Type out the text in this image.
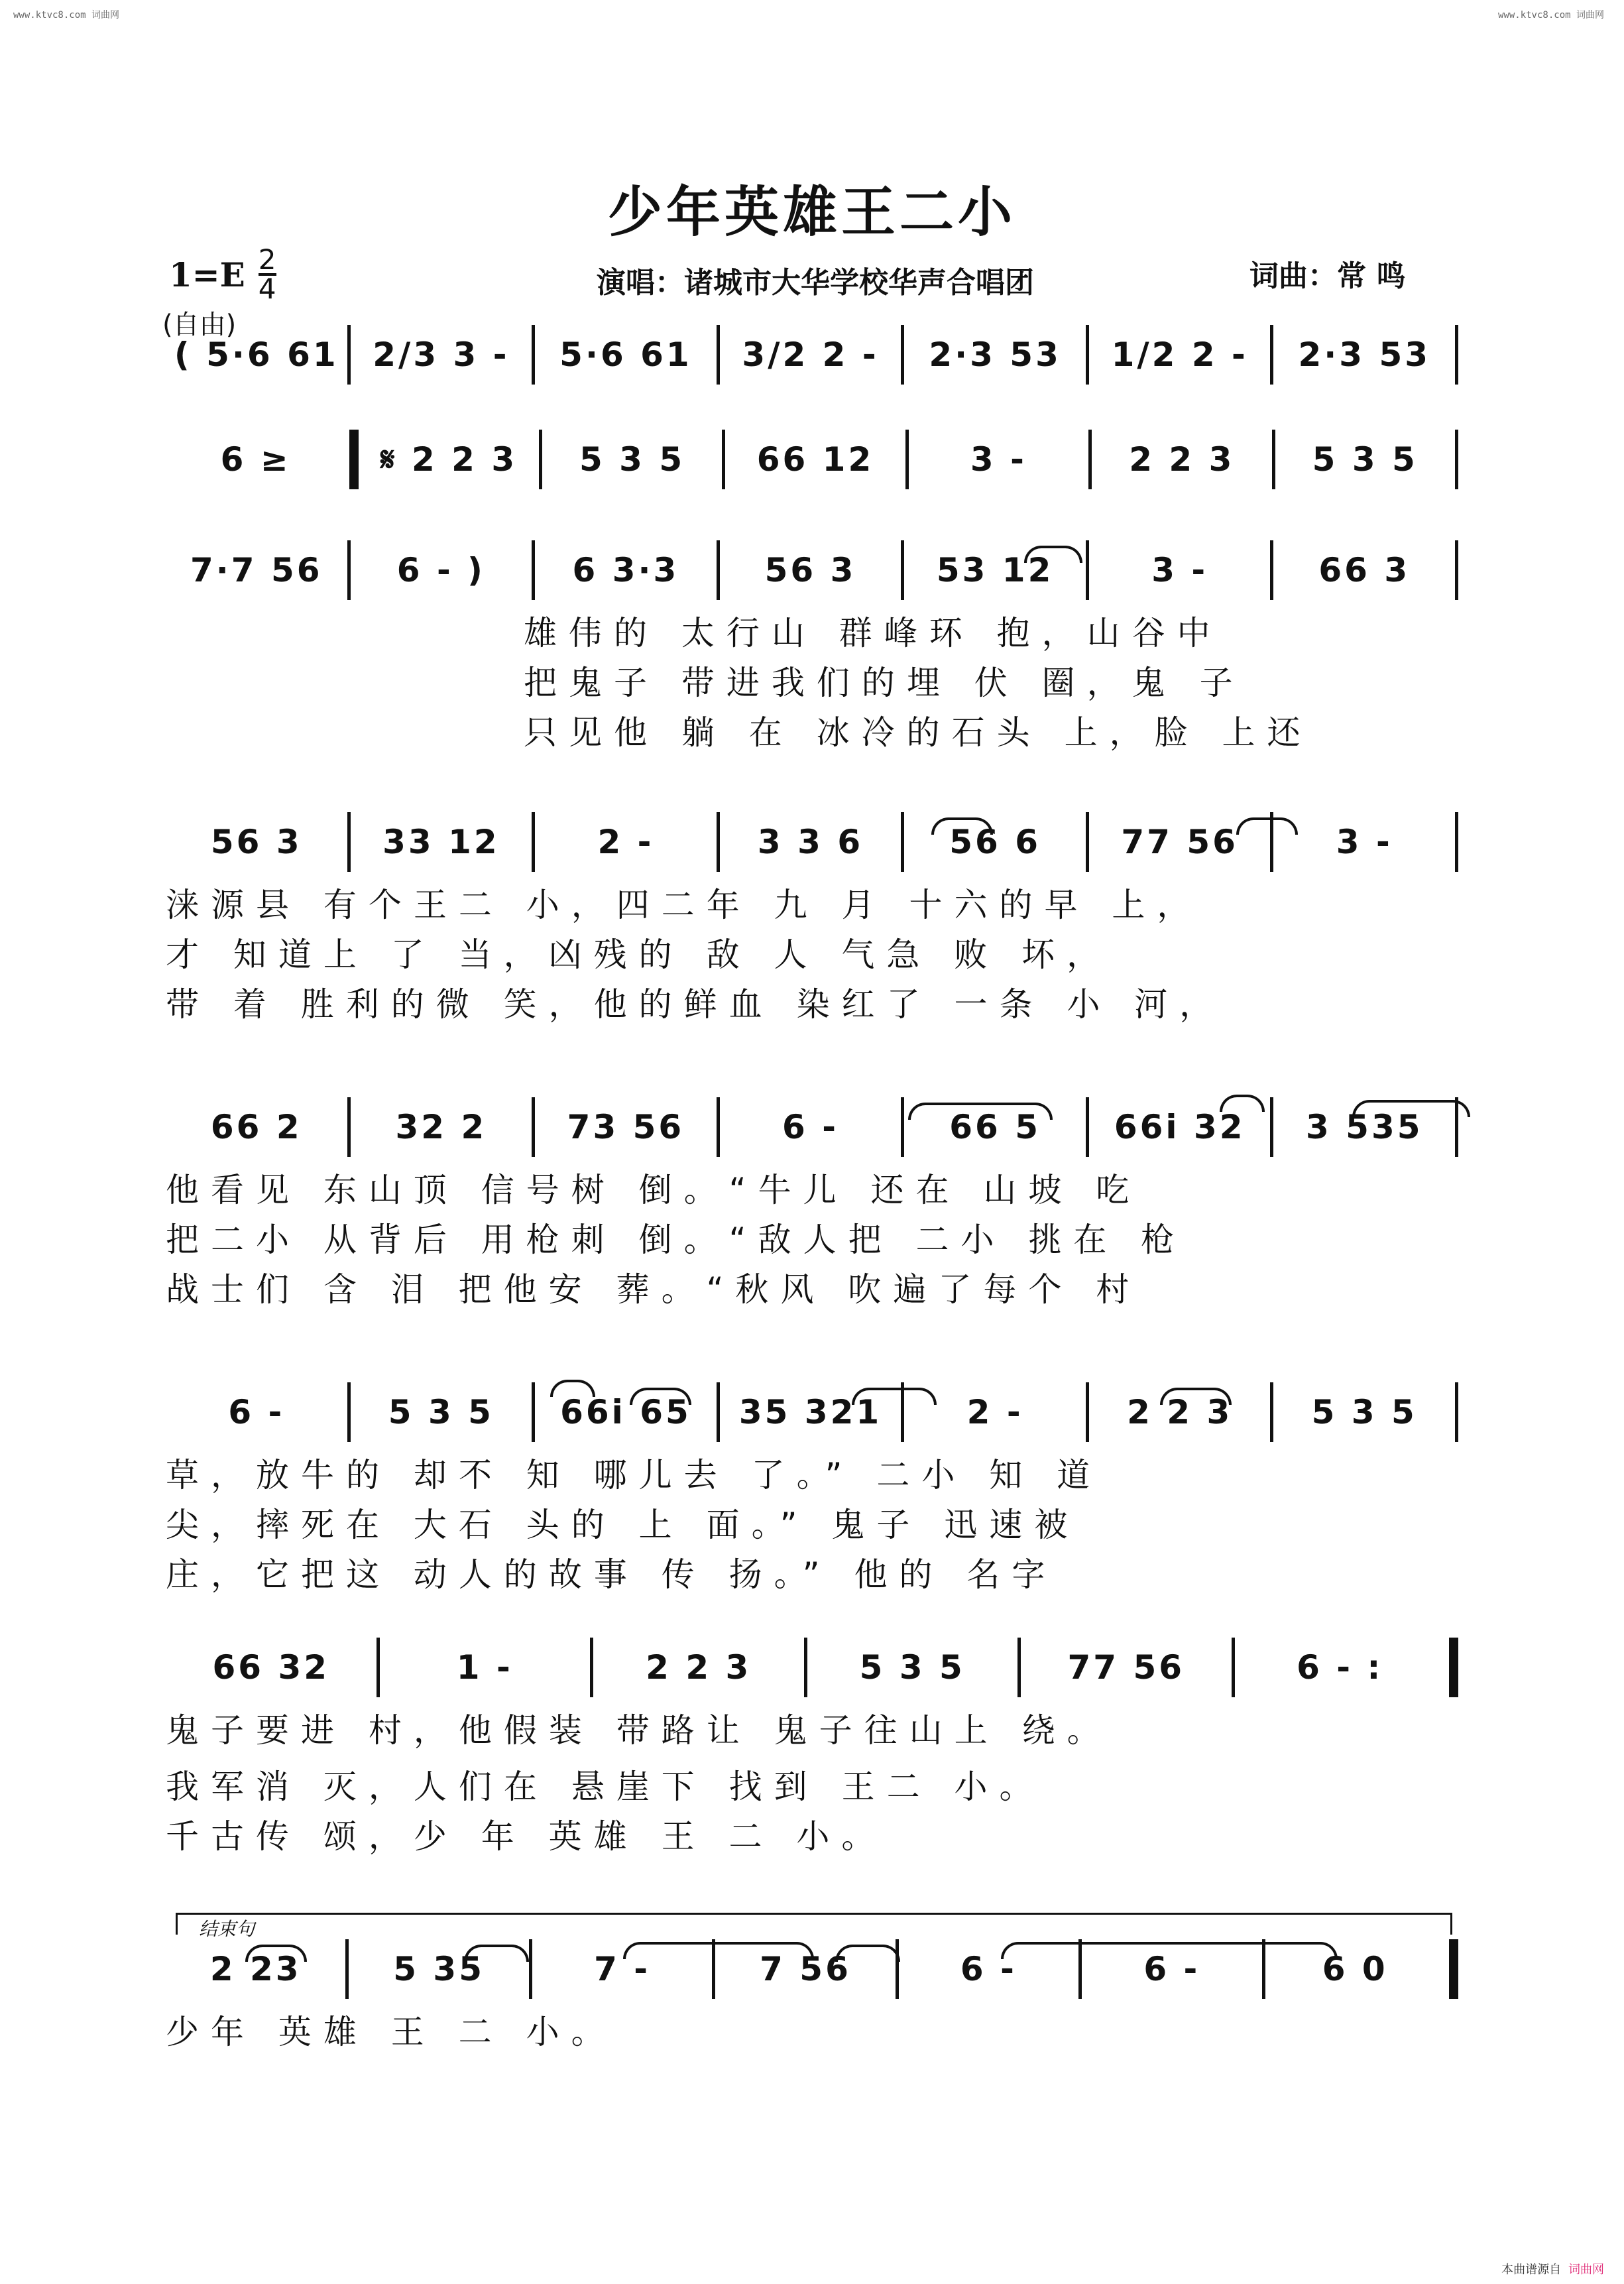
www.ktvc8.com 词曲网	www.ktvc8.com 词曲网
本曲谱源自 词曲网
少年英雄王二小
$1=E \frac{2}{4}$	演唱：诸城市大华学校华声合唱团	词曲：常 鸣
(自由)
( 5·6 61	2/3 3 -	5·6 61	3/2 2 -	2·3 53	1/2 2 -	2·3 53
6 ≥	𝄋 2 2 3	5 3 5	66 12	3 -	2 2 3	5 3 5
7·7 56	6 - )	6 3·3	56 3	53 12	3 -	66 3
雄伟的 太行山 群峰环 抱，山谷中
把鬼子 带进我们的埋 伏 圈，鬼 子
只见他 躺 在 冰冷的石头 上，脸 上还
56 3	33 12	2 -	3 3 6	56 6	77 56	3 -
涞源县 有个王二 小，四二年 九 月 十六的早 上，
才 知道上 了 当，凶残的 敌 人 气急 败 坏，
带 着 胜利的微 笑，他的鲜血 染红了 一条 小 河，
66 2	32 2	73 56	6 -	66 5	66i 32	3 535
他看见 东山顶 信号树 倒。“牛儿 还在 山坡 吃
把二小 从背后 用枪刺 倒。“敌人把 二小 挑在 枪
战士们 含 泪 把他安 葬。“秋风 吹遍了每个 村
6 -	5 3 5	66i 65	35 321	2 -	2 2 3	5 3 5
草，放牛的 却不 知 哪儿去 了。” 二小 知 道
尖，摔死在 大石 头的 上 面。” 鬼子 迅速被
庄，它把这 动人的故事 传 扬。” 他的 名字
66 32	1 -	2 2 3	5 3 5	77 56	6 - :
鬼子要进 村，他假装 带路让 鬼子往山上 绕。
我军消 灭，人们在 悬崖下 找到 王二 小。
千古传 颂，少 年 英雄 王 二 小。
结束句
2 23	5 35	7 -	7 56	6 -	6 -	6 0
少年 英雄 王 二 小。
